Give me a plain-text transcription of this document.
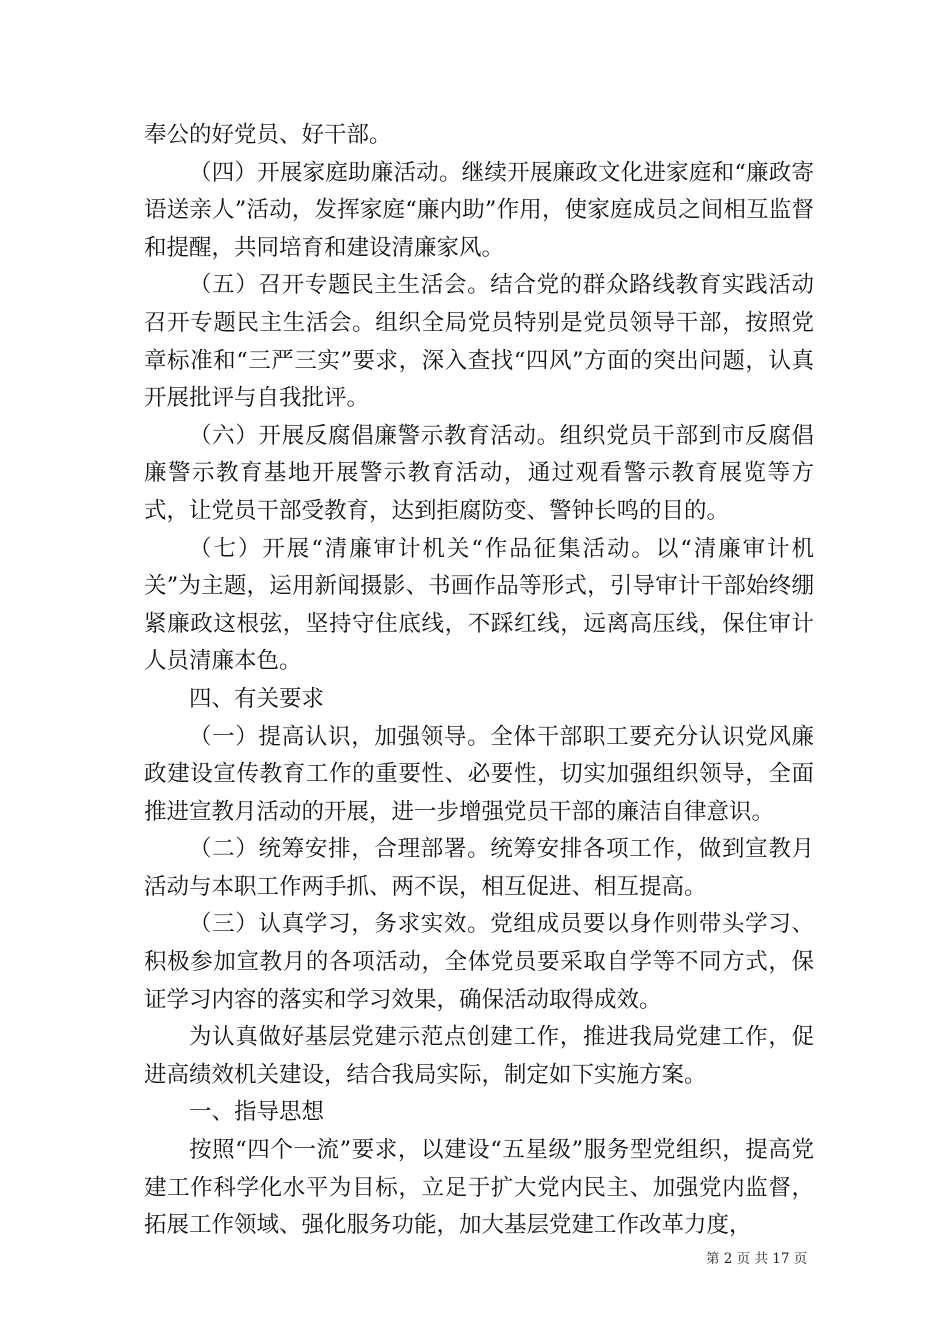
奉公的好党员、好干部。

（四）开展家庭助廉活动。继续开展廉政文化进家庭和“廉政寄语送亲人”活动，发挥家庭“廉内助”作用，使家庭成员之间相互监督和提醒，共同培育和建设清廉家风。

（五）召开专题民主生活会。结合党的群众路线教育实践活动召开专题民主生活会。组织全局党员特别是党员领导干部，按照党章标准和“三严三实”要求，深入查找“四风”方面的突出问题，认真开展批评与自我批评。

（六）开展反腐倡廉警示教育活动。组织党员干部到市反腐倡廉警示教育基地开展警示教育活动，通过观看警示教育展览等方式，让党员干部受教育，达到拒腐防变、警钟长鸣的目的。

（七）开展“清廉审计机关“作品征集活动。以“清廉审计机关”为主题，运用新闻摄影、书画作品等形式，引导审计干部始终绷紧廉政这根弦，坚持守住底线，不踩红线，远离高压线，保住审计人员清廉本色。

四、有关要求

（一）提高认识，加强领导。全体干部职工要充分认识党风廉政建设宣传教育工作的重要性、必要性，切实加强组织领导，全面推进宣教月活动的开展，进一步增强党员干部的廉洁自律意识。

（二）统筹安排，合理部署。统筹安排各项工作，做到宣教月活动与本职工作两手抓、两不误，相互促进、相互提高。

（三）认真学习，务求实效。党组成员要以身作则带头学习、积极参加宣教月的各项活动，全体党员要采取自学等不同方式，保证学习内容的落实和学习效果，确保活动取得成效。

为认真做好基层党建示范点创建工作，推进我局党建工作，促进高绩效机关建设，结合我局实际，制定如下实施方案。

一、指导思想

按照“四个一流”要求，以建设“五星级”服务型党组织，提高党建工作科学化水平为目标，立足于扩大党内民主、加强党内监督，拓展工作领域、强化服务功能，加大基层党建工作改革力度，

第 2 页 共 17 页
